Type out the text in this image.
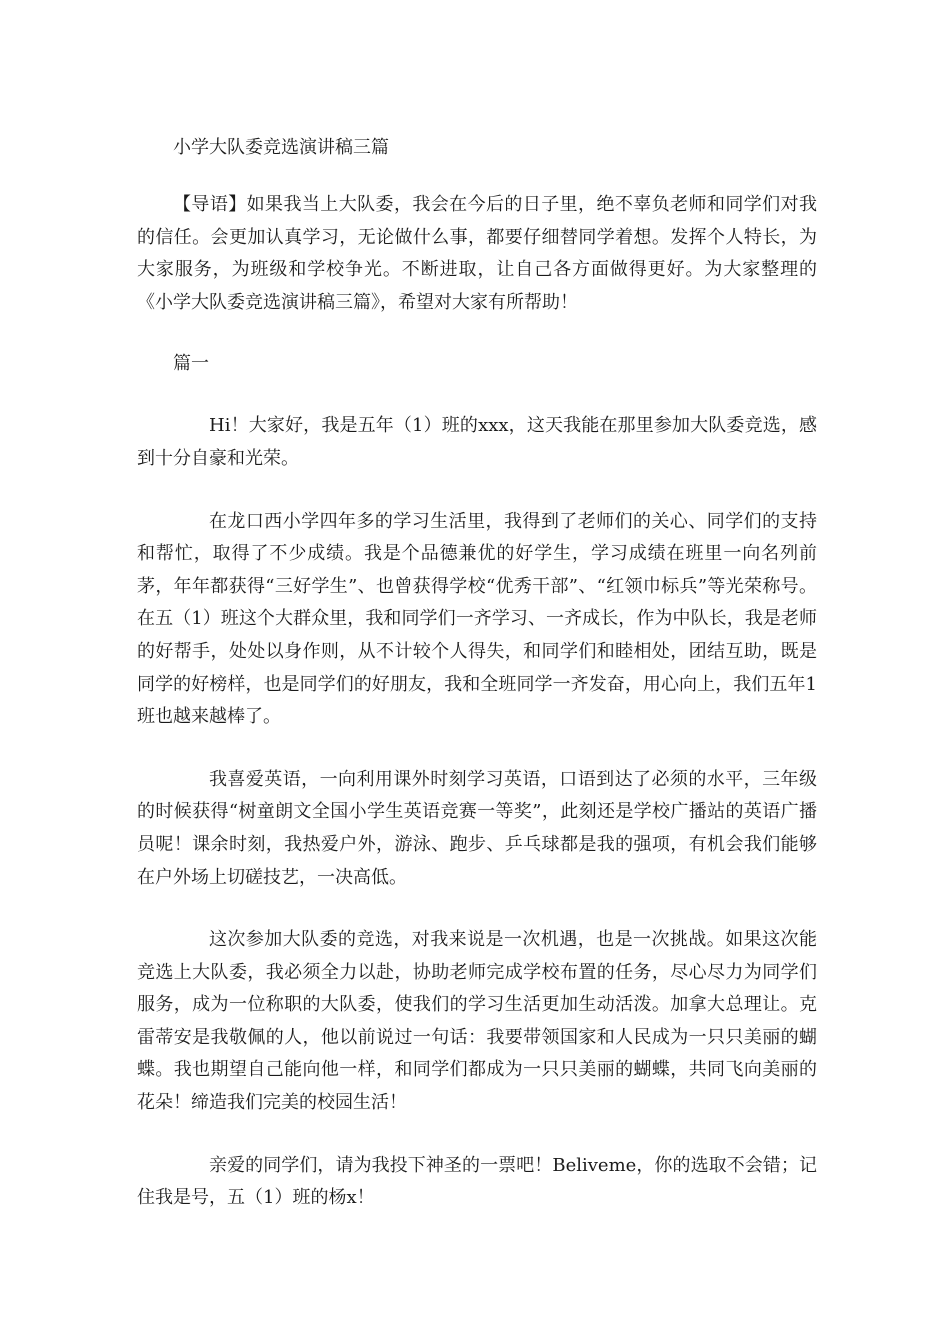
小学大队委竞选演讲稿三篇

【导语】如果我当上大队委，我会在今后的日子里，绝不辜负老师和同学们对我的信任。会更加认真学习，无论做什么事，都要仔细替同学着想。发挥个人特长，为大家服务，为班级和学校争光。不断进取，让自己各方面做得更好。为大家整理的《小学大队委竞选演讲稿三篇》，希望对大家有所帮助！

篇一

Hi！大家好，我是五年（1）班的xxx，这天我能在那里参加大队委竞选，感到十分自豪和光荣。

在龙口西小学四年多的学习生活里，我得到了老师们的关心、同学们的支持和帮忙，取得了不少成绩。我是个品德兼优的好学生，学习成绩在班里一向名列前茅，年年都获得“三好学生”、也曾获得学校“优秀干部”、“红领巾标兵”等光荣称号。在五（1）班这个大群众里，我和同学们一齐学习、一齐成长，作为中队长，我是老师的好帮手，处处以身作则，从不计较个人得失，和同学们和睦相处，团结互助，既是同学的好榜样，也是同学们的好朋友，我和全班同学一齐发奋，用心向上，我们五年1班也越来越棒了。

我喜爱英语，一向利用课外时刻学习英语，口语到达了必须的水平，三年级的时候获得“树童朗文全国小学生英语竞赛一等奖”，此刻还是学校广播站的英语广播员呢！课余时刻，我热爱户外，游泳、跑步、乒乓球都是我的强项，有机会我们能够在户外场上切磋技艺，一决高低。

这次参加大队委的竞选，对我来说是一次机遇，也是一次挑战。如果这次能竞选上大队委，我必须全力以赴，协助老师完成学校布置的任务，尽心尽力为同学们服务，成为一位称职的大队委，使我们的学习生活更加生动活泼。加拿大总理让。克雷蒂安是我敬佩的人，他以前说过一句话：我要带领国家和人民成为一只只美丽的蝴蝶。我也期望自己能向他一样，和同学们都成为一只只美丽的蝴蝶，共同飞向美丽的花朵！缔造我们完美的校园生活！

亲爱的同学们，请为我投下神圣的一票吧！Beliveme，你的选取不会错；记住我是号，五（1）班的杨x！
